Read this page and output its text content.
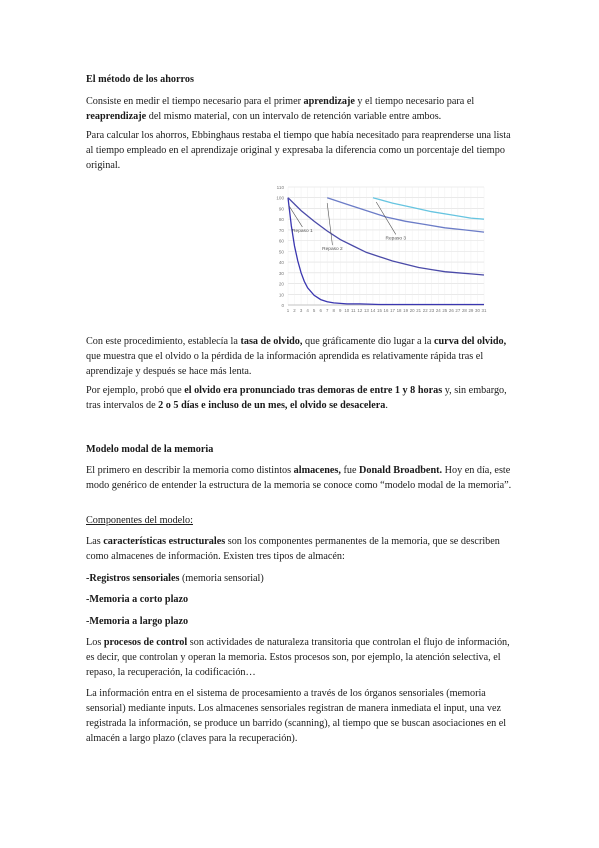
El método de los ahorros
Consiste en medir el tiempo necesario para el primer aprendizaje y el tiempo necesario para el reaprendizaje del mismo material, con un intervalo de retención variable entre ambos.
Para calcular los ahorros, Ebbinghaus restaba el tiempo que había necesitado para reaprenderse una lista al tiempo empleado en el aprendizaje original y expresaba la diferencia como un porcentaje del tiempo original.
0
10
20
30
40
50
60
70
80
90
100
110
1 2 3 4 5 6 7 8 9 10 11 12 13 14 15 16 17 18 19 20 21 22 23 24 25 26 27 28 29 30 31
Repaso 1
Repaso 2
Repaso 3
Con este procedimiento, establecía la tasa de olvido, que gráficamente dio lugar a la curva del olvido, que muestra que el olvido o la pérdida de la información aprendida es relativamente rápida tras el aprendizaje y después se hace más lenta.
Por ejemplo, probó que el olvido era pronunciado tras demoras de entre 1 y 8 horas y, sin embargo, tras intervalos de 2 o 5 días e incluso de un mes, el olvido se desacelera.
Modelo modal de la memoria
El primero en describir la memoria como distintos almacenes, fue Donald Broadbent. Hoy en día, este modo genérico de entender la estructura de la memoria se conoce como “modelo modal de la memoria”.
Componentes del modelo:
Las características estructurales son los componentes permanentes de la memoria, que se describen como almacenes de información. Existen tres tipos de almacén:
-Registros sensoriales (memoria sensorial)
-Memoria a corto plazo
-Memoria a largo plazo
Los procesos de control son actividades de naturaleza transitoria que controlan el flujo de información, es decir, que controlan y operan la memoria. Estos procesos son, por ejemplo, la atención selectiva, el repaso, la recuperación, la codificación…
La información entra en el sistema de procesamiento a través de los órganos sensoriales (memoria sensorial) mediante inputs. Los almacenes sensoriales registran de manera inmediata el input, una vez registrada la información, se produce un barrido (scanning), al tiempo que se buscan asociaciones en el almacén a largo plazo (claves para la recuperación).
